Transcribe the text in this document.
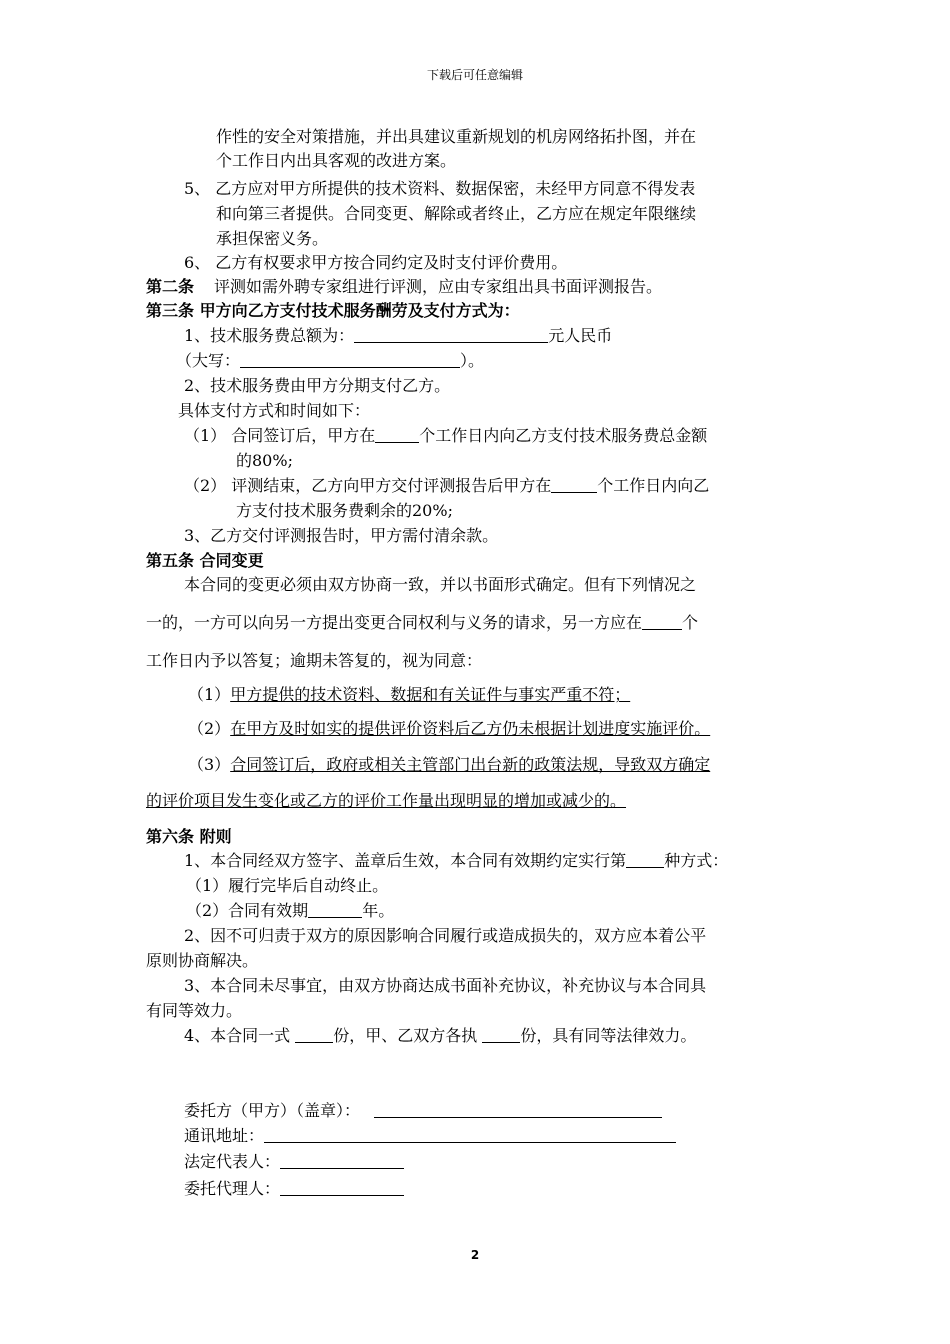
下载后可任意编辑
作性的安全对策措施，并出具建议重新规划的机房网络拓扑图，并在
个工作日内出具客观的改进方案。
5、 乙方应对甲方所提供的技术资料、数据保密，未经甲方同意不得发表
和向第三者提供。合同变更、解除或者终止，乙方应在规定年限继续
承担保密义务。
6、 乙方有权要求甲方按合同约定及时支付评价费用。
第二条 评测如需外聘专家组进行评测，应由专家组出具书面评测报告。
第三条 甲方向乙方支付技术服务酬劳及支付方式为：
1、技术服务费总额为：	元人民币
（大写：	）。
2、技术服务费由甲方分期支付乙方。
具体支付方式和时间如下：
（1） 合同签订后，甲方在	个工作日内向乙方支付技术服务费总金额
的80%;
（2） 评测结束，乙方向甲方交付评测报告后甲方在	个工作日内向乙
方支付技术服务费剩余的20%;
3、乙方交付评测报告时，甲方需付清余款。
第五条 合同变更
本合同的变更必须由双方协商一致，并以书面形式确定。但有下列情况之
一的，一方可以向另一方提出变更合同权利与义务的请求，另一方应在	个
工作日内予以答复；逾期未答复的，视为同意：
（1）甲方提供的技术资料、数据和有关证件与事实严重不符；
（2）在甲方及时如实的提供评价资料后乙方仍未根据计划进度实施评价。
（3）合同签订后，政府或相关主管部门出台新的政策法规，导致双方确定
的评价项目发生变化或乙方的评价工作量出现明显的增加或减少的。
第六条 附则
1、本合同经双方签字、盖章后生效，本合同有效期约定实行第 种方式：
（1）履行完毕后自动终止。
（2）合同有效期	年。
2、因不可归责于双方的原因影响合同履行或造成损失的，双方应本着公平
原则协商解决。
3、本合同未尽事宜，由双方协商达成书面补充协议，补充协议与本合同具
有同等效力。
4、本合同一式 份，甲、乙双方各执 份，具有同等法律效力。
委托方（甲方）（盖章）：
通讯地址：
法定代表人：
委托代理人：
2
